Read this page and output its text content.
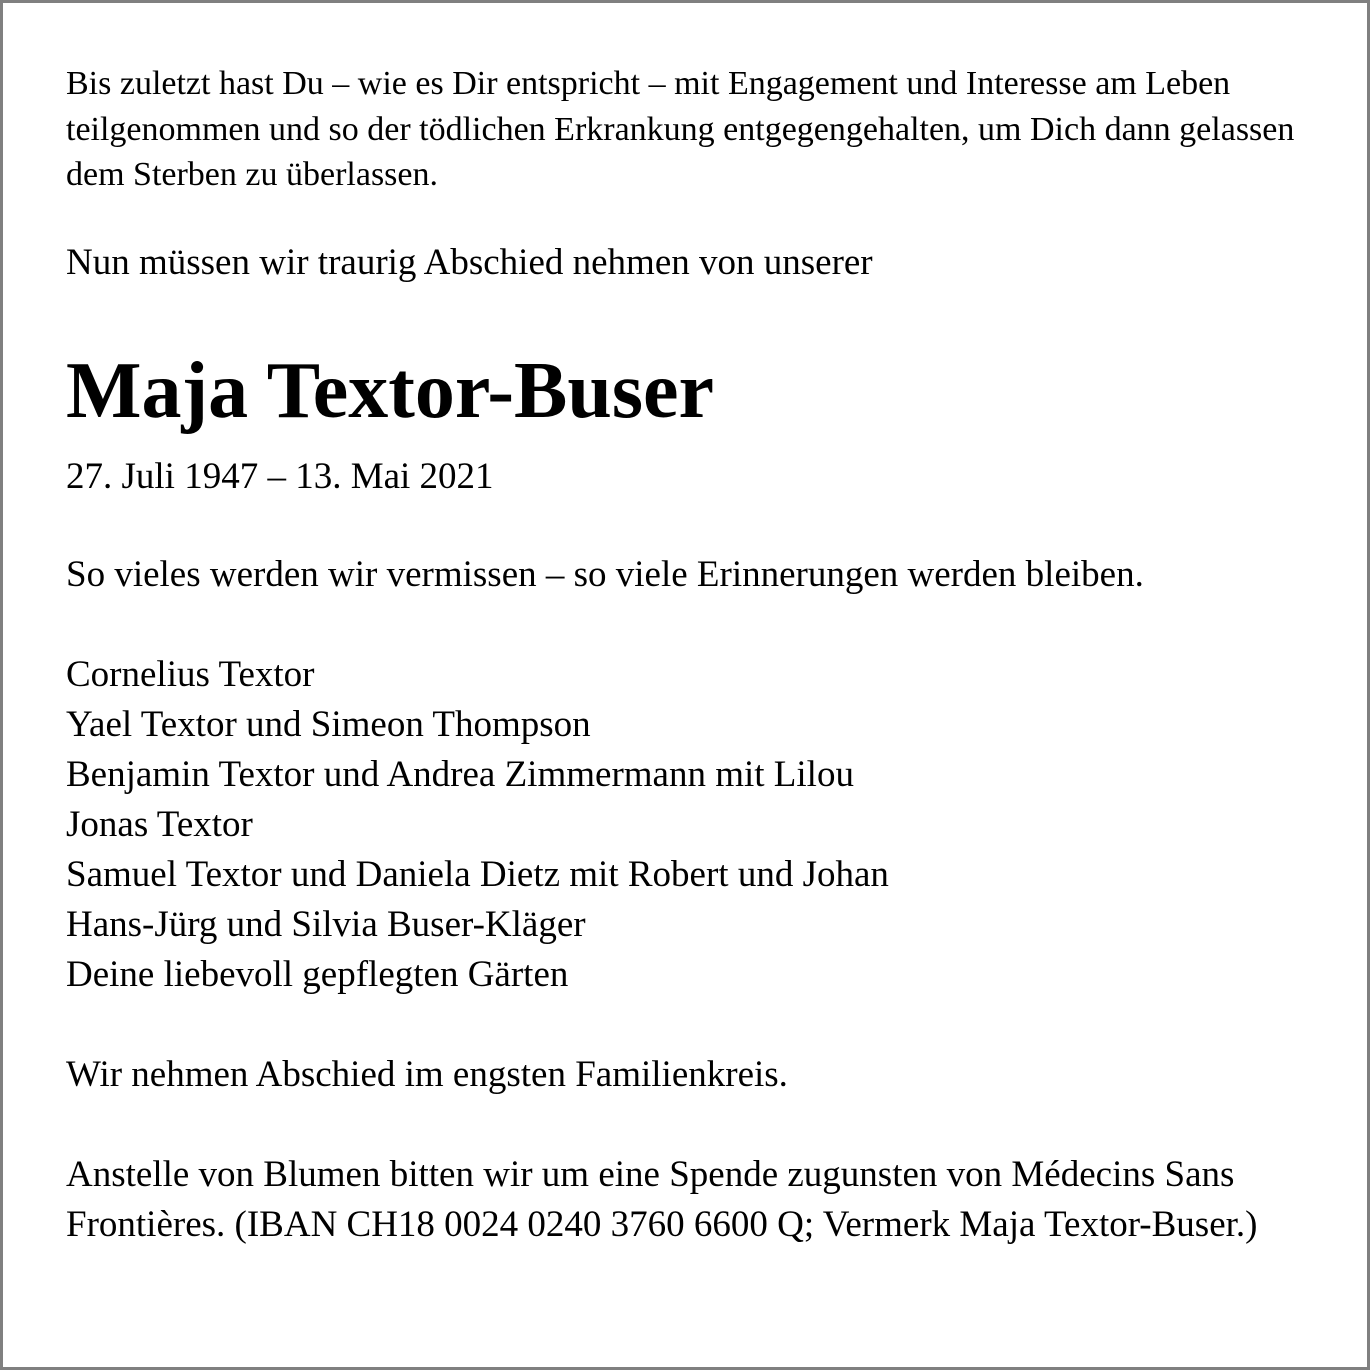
Bis zuletzt hast Du – wie es Dir entspricht – mit Engagement und Interesse am Leben teilgenommen und so der tödlichen Erkrankung entgegengehalten, um Dich dann gelassen dem Sterben zu überlassen.

Nun müssen wir traurig Abschied nehmen von unserer

Maja Textor-Buser

27. Juli 1947 – 13. Mai 2021

So vieles werden wir vermissen – so viele Erinnerungen werden bleiben.

Cornelius Textor
Yael Textor und Simeon Thompson
Benjamin Textor und Andrea Zimmermann mit Lilou
Jonas Textor
Samuel Textor und Daniela Dietz mit Robert und Johan
Hans-Jürg und Silvia Buser-Kläger
Deine liebevoll gepflegten Gärten

Wir nehmen Abschied im engsten Familienkreis.

Anstelle von Blumen bitten wir um eine Spende zugunsten von Médecins Sans Frontières. (IBAN CH18 0024 0240 3760 6600 Q; Vermerk Maja Textor-Buser.)
